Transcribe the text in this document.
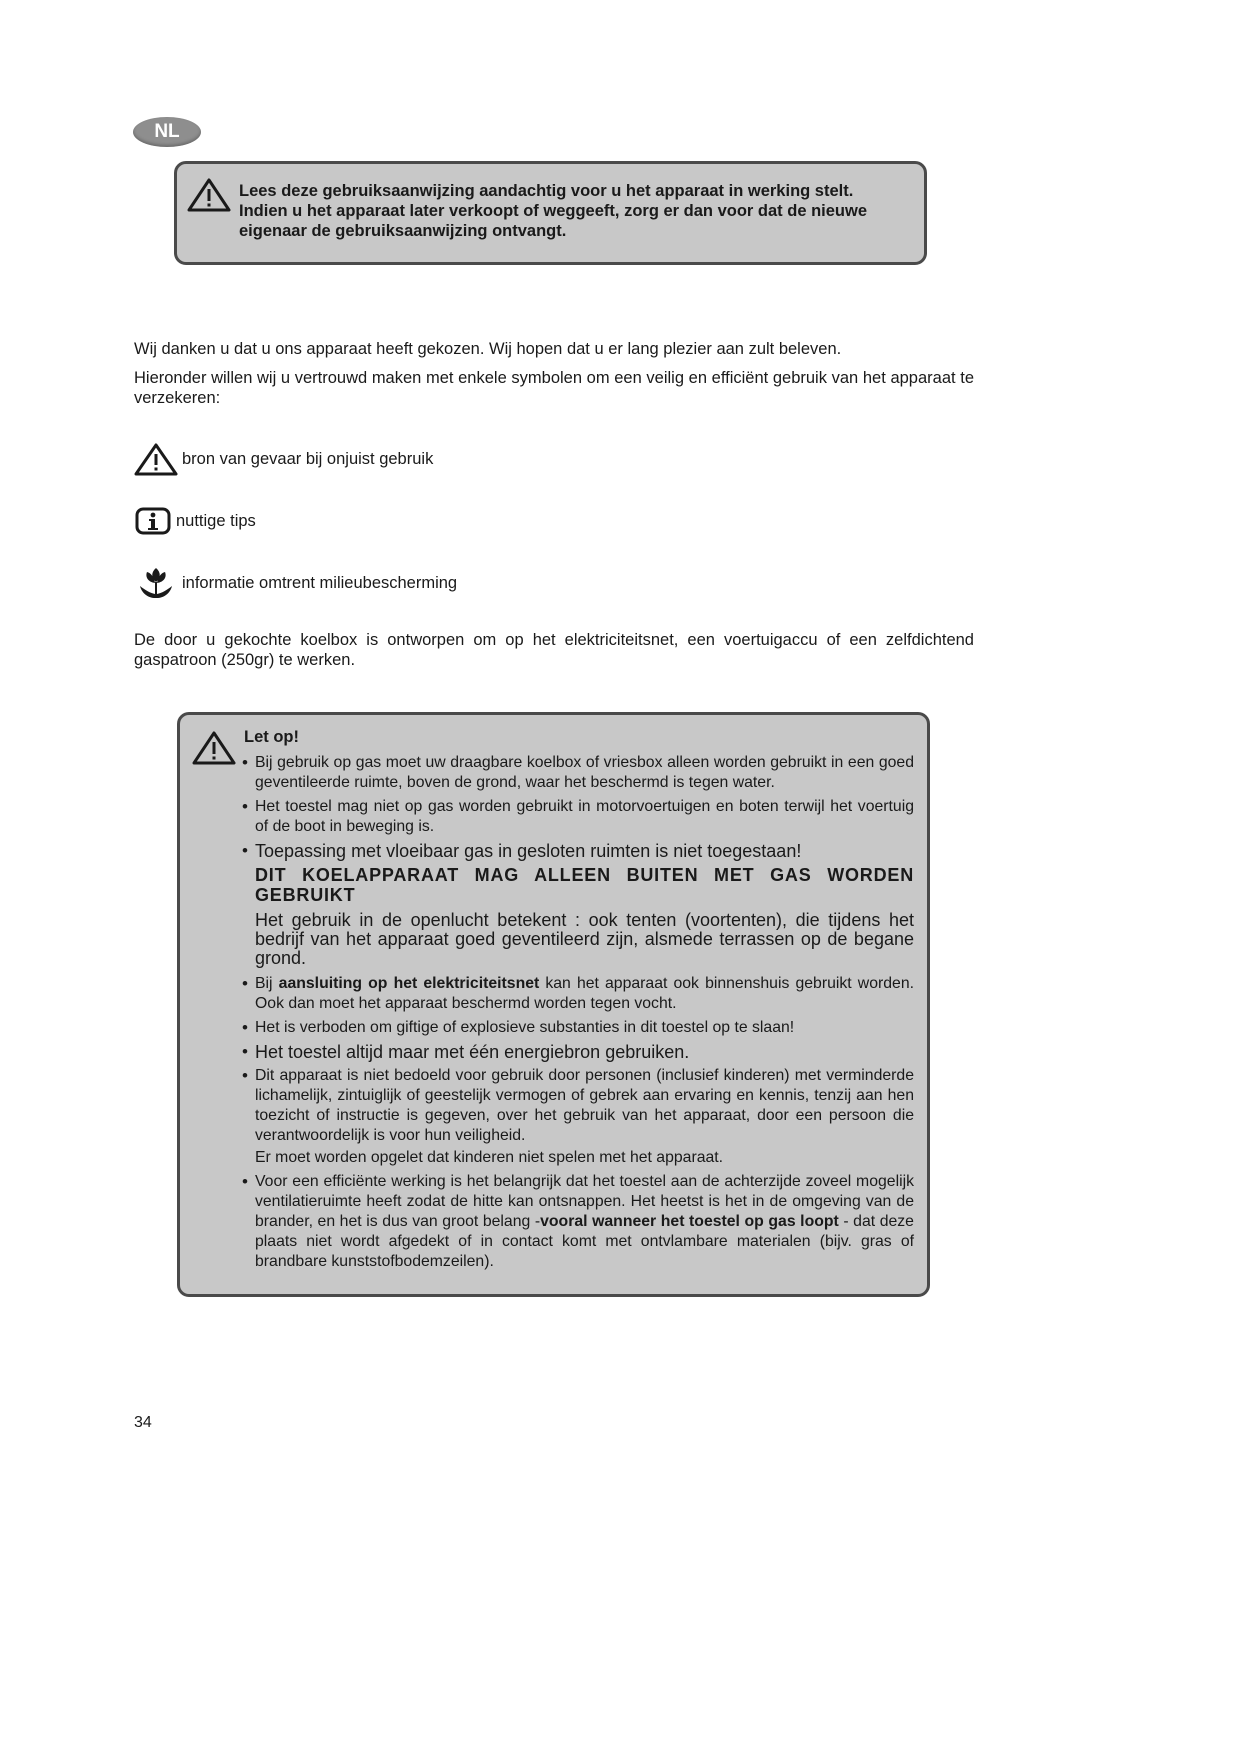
NL
Lees deze gebruiksaanwijzing aandachtig voor u het apparaat in werking stelt.
Indien u het apparaat later verkoopt of weggeeft, zorg er dan voor dat de nieuwe
eigenaar de gebruiksaanwijzing ontvangt.
Wij danken u dat u ons apparaat heeft gekozen. Wij hopen dat u er lang plezier aan zult beleven.
Hieronder willen wij u vertrouwd maken met enkele symbolen om een veilig en efficiënt gebruik van het apparaat te verzekeren:
bron van gevaar bij onjuist gebruik
nuttige tips
informatie omtrent milieubescherming
De door u gekochte koelbox is ontworpen om op het elektriciteitsnet, een voertuigaccu of een zelfdichtend gaspatroon (250gr) te werken.
Let op!
• Bij gebruik op gas moet uw draagbare koelbox of vriesbox alleen worden gebruikt in een goed geventileerde ruimte, boven de grond, waar het beschermd is tegen water.
• Het toestel mag niet op gas worden gebruikt in motorvoertuigen en boten terwijl het voertuig of de boot in beweging is.
• Toepassing met vloeibaar gas in gesloten ruimten is niet toegestaan!
DIT KOELAPPARAAT MAG ALLEEN BUITEN MET GAS WORDEN GEBRUIKT
Het gebruik in de openlucht betekent : ook tenten (voortenten), die tijdens het bedrijf van het apparaat goed geventileerd zijn, alsmede terrassen op de begane grond.
• Bij aansluiting op het elektriciteitsnet kan het apparaat ook binnenshuis gebruikt worden. Ook dan moet het apparaat beschermd worden tegen vocht.
• Het is verboden om giftige of explosieve substanties in dit toestel op te slaan!
• Het toestel altijd maar met één energiebron gebruiken.
• Dit apparaat is niet bedoeld voor gebruik door personen (inclusief kinderen) met verminderde lichamelijk, zintuiglijk of geestelijk vermogen of gebrek aan ervaring en kennis, tenzij aan hen toezicht of instructie is gegeven, over het gebruik van het apparaat, door een persoon die verantwoordelijk is voor hun veiligheid.
Er moet worden opgelet dat kinderen niet spelen met het apparaat.
• Voor een efficiënte werking is het belangrijk dat het toestel aan de achterzijde zoveel mogelijk ventilatieruimte heeft zodat de hitte kan ontsnappen. Het heetst is het in de omgeving van de brander, en het is dus van groot belang -vooral wanneer het toestel op gas loopt - dat deze plaats niet wordt afgedekt of in contact komt met ontvlambare materialen (bijv. gras of brandbare kunststofbodemzeilen).
34
